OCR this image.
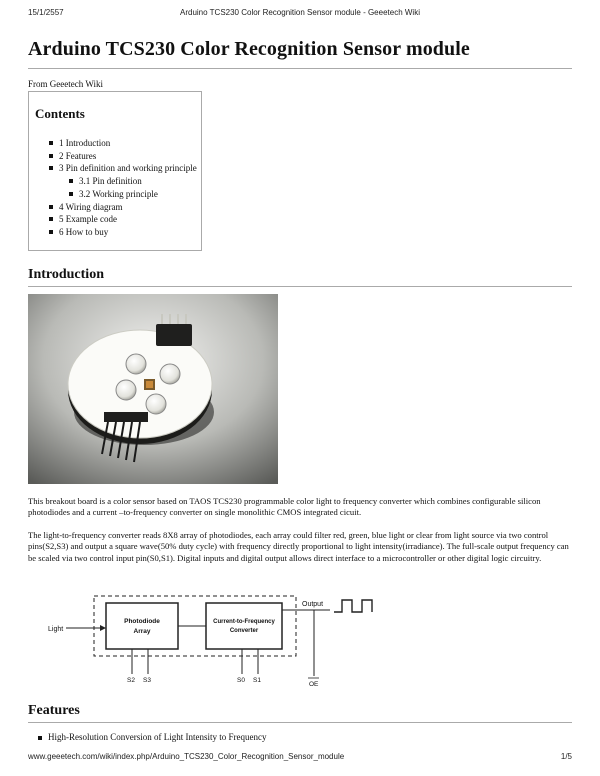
15/1/2557	Arduino TCS230 Color Recognition Sensor module - Geeetech Wiki
Arduino TCS230 Color Recognition Sensor module
From Geeetech Wiki
Contents
1 Introduction
2 Features
3 Pin definition and working principle
3.1 Pin definition
3.2 Working principle
4 Wiring diagram
5 Example code
6 How to buy
Introduction
This breakout board is a color sensor based on TAOS TCS230 programmable color light to frequency converter which combines configurable silicon photodiodes and a current –to-frequency converter on single monolithic CMOS integrated cicuit.
The light-to-frequency converter reads 8X8 array of photodiodes, each array could filter red, green, blue light or clear from light source via two control pins(S2,S3) and output a square wave(50% duty cycle) with frequency directly proportional to light intensity(irradiance). The full-scale output frequency can be scaled via two control input pin(S0,S1). Digital inputs and digital output allows direct interface to a microcontroller or other digital logic circuitry.
Light
Photodiode
Array
Current-to-Frequency
Converter
Output
S2 S3	S0 S1
OE
Features
High-Resolution Conversion of Light Intensity to Frequency
www.geeetech.com/wiki/index.php/Arduino_TCS230_Color_Recognition_Sensor_module	1/5
